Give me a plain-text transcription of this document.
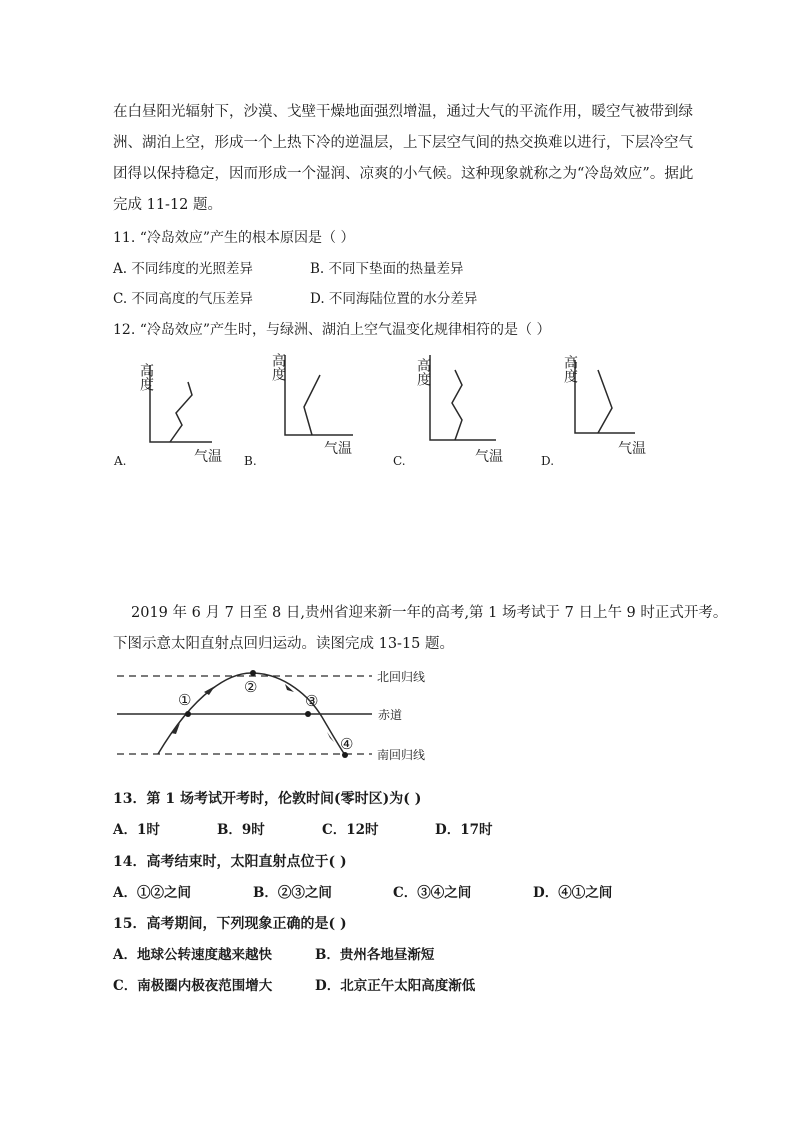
在白昼阳光辐射下，沙漠、戈壁干燥地面强烈增温，通过大气的平流作用，暖空气被带到绿
洲、湖泊上空，形成一个上热下冷的逆温层，上下层空气间的热交换难以进行，下层冷空气
团得以保持稳定，因而形成一个湿润、凉爽的小气候。这种现象就称之为“冷岛效应”。据此
完成 11-12 题。
11. “冷岛效应”产生的根本原因是（ ）
A. 不同纬度的光照差异	B. 不同下垫面的热量差异
C. 不同高度的气压差异	D. 不同海陆位置的水分差异
12. “冷岛效应”产生时，与绿洲、湖泊上空气温变化规律相符的是（ ）
高度
气温
A.
高度
气温
B.
高度
气温
C.
高度
气温
D.
2019 年 6 月 7 日至 8 日,贵州省迎来新一年的高考,第 1 场考试于 7 日上午 9 时正式开考。
下图示意太阳直射点回归运动。读图完成 13-15 题。
①
②
③
④
北回归线
赤道
南回归线
13．第 1 场考试开考时，伦敦时间(零时区)为( )
A．1时	B．9时	C．12时	D．17时
14．高考结束时，太阳直射点位于( )
A．①②之间	B．②③之间	C．③④之间	D．④①之间
15．高考期间，下列现象正确的是( )
A．地球公转速度越来越快	B．贵州各地昼渐短
C．南极圈内极夜范围增大	D．北京正午太阳高度渐低
